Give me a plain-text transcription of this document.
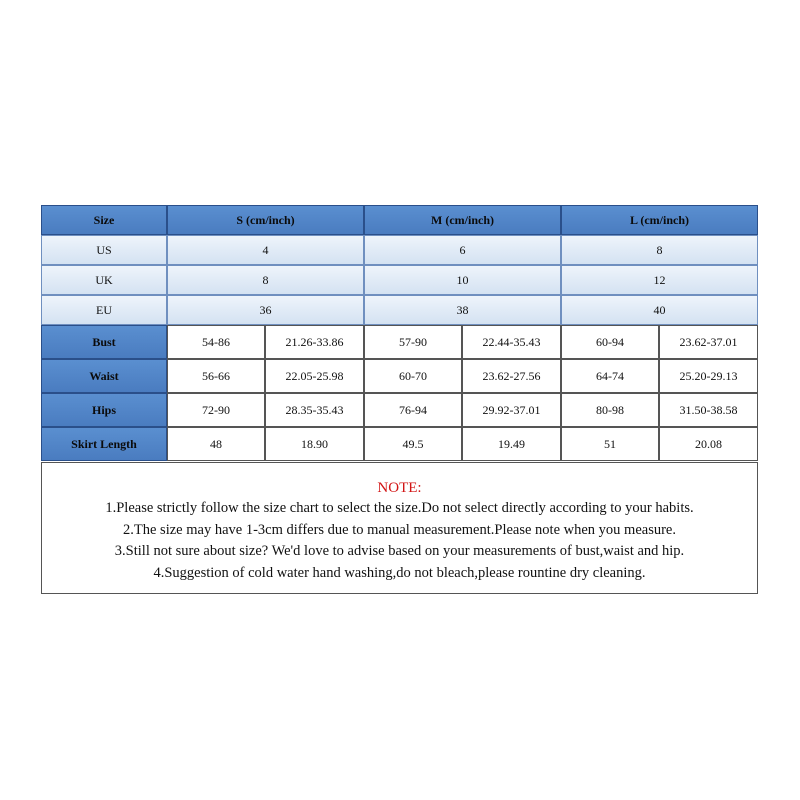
NOTE:
1.Please strictly follow the size chart to select the size.Do not select directly according to your habits.
2.The size may have 1-3cm differs due to manual measurement.Please note when you measure.
3.Still not sure about size? We'd love to advise based on your measurements of bust,waist and hip.
4.Suggestion of cold water hand washing,do not bleach,please rountine dry cleaning.
Size	S (cm/inch)	M (cm/inch)	L (cm/inch)
US	4	6	8
UK	8	10	12
EU	36	38	40
Bust	54-86	21.26-33.86	57-90	22.44-35.43	60-94	23.62-37.01
Waist	56-66	22.05-25.98	60-70	23.62-27.56	64-74	25.20-29.13
Hips	72-90	28.35-35.43	76-94	29.92-37.01	80-98	31.50-38.58
Skirt Length	48	18.90	49.5	19.49	51	20.08
